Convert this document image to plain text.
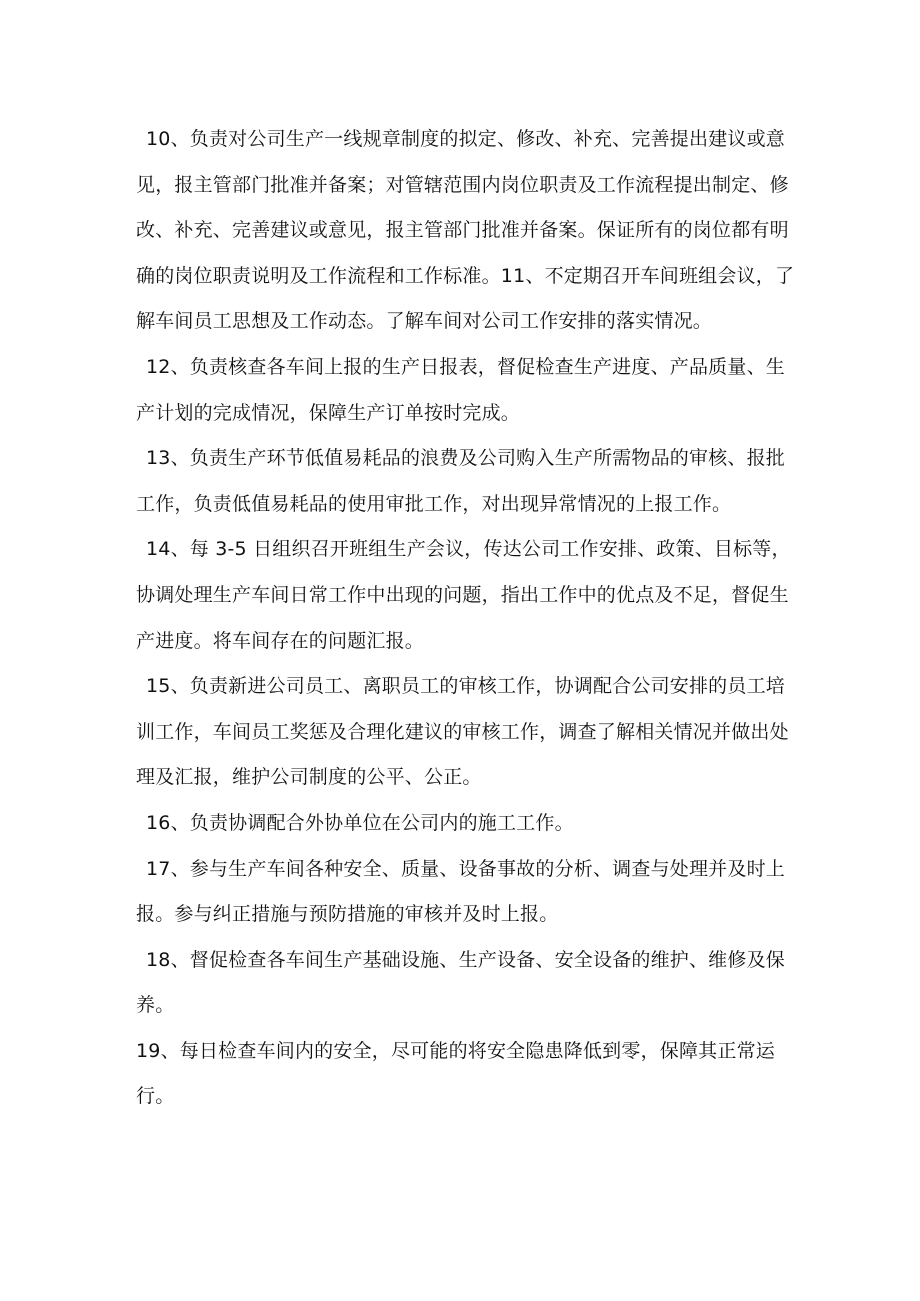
10、负责对公司生产一线规章制度的拟定、修改、补充、完善提出建议或意见，报主管部门批准并备案；对管辖范围内岗位职责及工作流程提出制定、修改、补充、完善建议或意见，报主管部门批准并备案。保证所有的岗位都有明确的岗位职责说明及工作流程和工作标准。11、不定期召开车间班组会议，了解车间员工思想及工作动态。了解车间对公司工作安排的落实情况。

12、负责核查各车间上报的生产日报表，督促检查生产进度、产品质量、生产计划的完成情况，保障生产订单按时完成。

13、负责生产环节低值易耗品的浪费及公司购入生产所需物品的审核、报批工作，负责低值易耗品的使用审批工作，对出现异常情况的上报工作。

14、每 3-5 日组织召开班组生产会议，传达公司工作安排、政策、目标等，协调处理生产车间日常工作中出现的问题，指出工作中的优点及不足，督促生产进度。将车间存在的问题汇报。

15、负责新进公司员工、离职员工的审核工作，协调配合公司安排的员工培训工作，车间员工奖惩及合理化建议的审核工作，调查了解相关情况并做出处理及汇报，维护公司制度的公平、公正。

16、负责协调配合外协单位在公司内的施工工作。

17、参与生产车间各种安全、质量、设备事故的分析、调查与处理并及时上报。参与纠正措施与预防措施的审核并及时上报。

18、督促检查各车间生产基础设施、生产设备、安全设备的维护、维修及保养。

19、每日检查车间内的安全，尽可能的将安全隐患降低到零，保障其正常运行。
